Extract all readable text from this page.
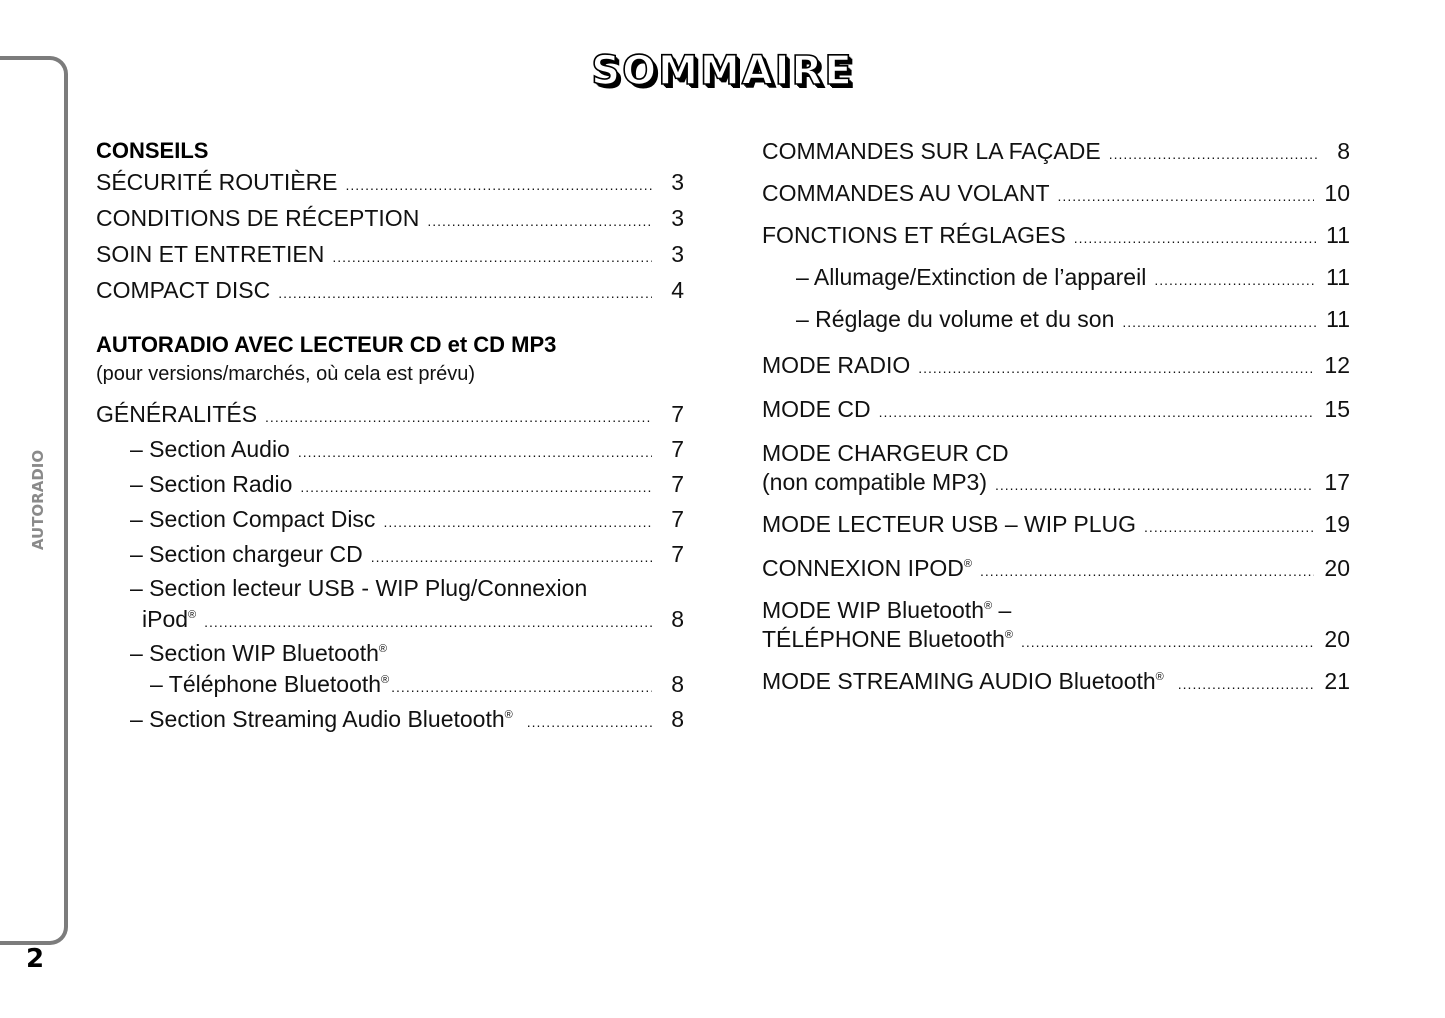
AUTORADIO
2
SOMMAIRE
CONSEILS
SÉCURITÉ ROUTIÈRE .....	3
CONDITIONS DE RÉCEPTION .....	3
SOIN ET ENTRETIEN .....	3
COMPACT DISC .....	4
AUTORADIO AVEC LECTEUR CD et CD MP3
(pour versions/marchés, où cela est prévu)
GÉNÉRALITÉS .....	7
– Section Audio .....	7
– Section Radio .....	7
– Section Compact Disc .....	7
– Section chargeur CD .....	7
– Section lecteur USB - WIP Plug/Connexion
iPod® .....	8
– Section WIP Bluetooth®
– Téléphone Bluetooth® .....	8
– Section Streaming Audio Bluetooth® .....	8
COMMANDES SUR LA FAÇADE .....	8
COMMANDES AU VOLANT .....	10
FONCTIONS ET RÉGLAGES .....	11
– Allumage/Extinction de l’appareil .....	11
– Réglage du volume et du son .....	11
MODE RADIO .....	12
MODE CD .....	15
MODE CHARGEUR CD
(non compatible MP3) .....	17
MODE LECTEUR USB – WIP PLUG .....	19
CONNEXION IPOD® .....	20
MODE WIP Bluetooth® –
TÉLÉPHONE Bluetooth® .....	20
MODE STREAMING AUDIO Bluetooth® .....	21
